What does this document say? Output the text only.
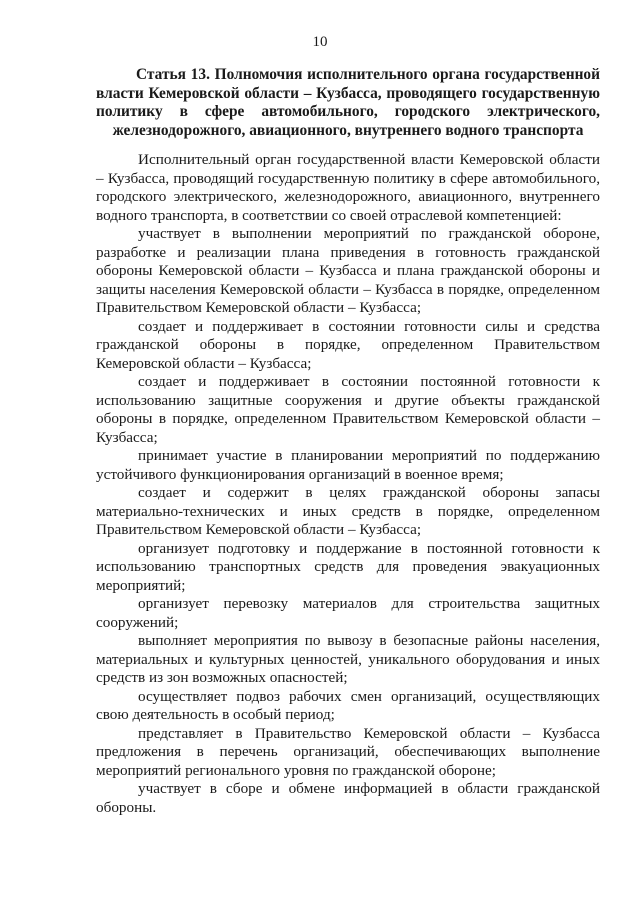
10
Статья 13. Полномочия исполнительного органа государственной власти Кемеровской области – Кузбасса, проводящего государственную политику в сфере автомобильного, городского электрического, железнодорожного, авиационного, внутреннего водного транспорта

Исполнительный орган государственной власти Кемеровской области – Кузбасса, проводящий государственную политику в сфере автомобильного, городского электрического, железнодорожного, авиационного, внутреннего водного транспорта, в соответствии со своей отраслевой компетенцией:

участвует в выполнении мероприятий по гражданской обороне, разработке и реализации плана приведения в готовность гражданской обороны Кемеровской области – Кузбасса и плана гражданской обороны и защиты населения Кемеровской области – Кузбасса в порядке, определенном Правительством Кемеровской области – Кузбасса;

создает и поддерживает в состоянии готовности силы и средства гражданской обороны в порядке, определенном Правительством Кемеровской области – Кузбасса;

создает и поддерживает в состоянии постоянной готовности к использованию защитные сооружения и другие объекты гражданской обороны в порядке, определенном Правительством Кемеровской области – Кузбасса;

принимает участие в планировании мероприятий по поддержанию устойчивого функционирования организаций в военное время;

создает и содержит в целях гражданской обороны запасы материально-технических и иных средств в порядке, определенном Правительством Кемеровской области – Кузбасса;

организует подготовку и поддержание в постоянной готовности к использованию транспортных средств для проведения эвакуационных мероприятий;

организует перевозку материалов для строительства защитных сооружений;

выполняет мероприятия по вывозу в безопасные районы населения, материальных и культурных ценностей, уникального оборудования и иных средств из зон возможных опасностей;

осуществляет подвоз рабочих смен организаций, осуществляющих свою деятельность в особый период;

представляет в Правительство Кемеровской области – Кузбасса предложения в перечень организаций, обеспечивающих выполнение мероприятий регионального уровня по гражданской обороне;

участвует в сборе и обмене информацией в области гражданской обороны.
